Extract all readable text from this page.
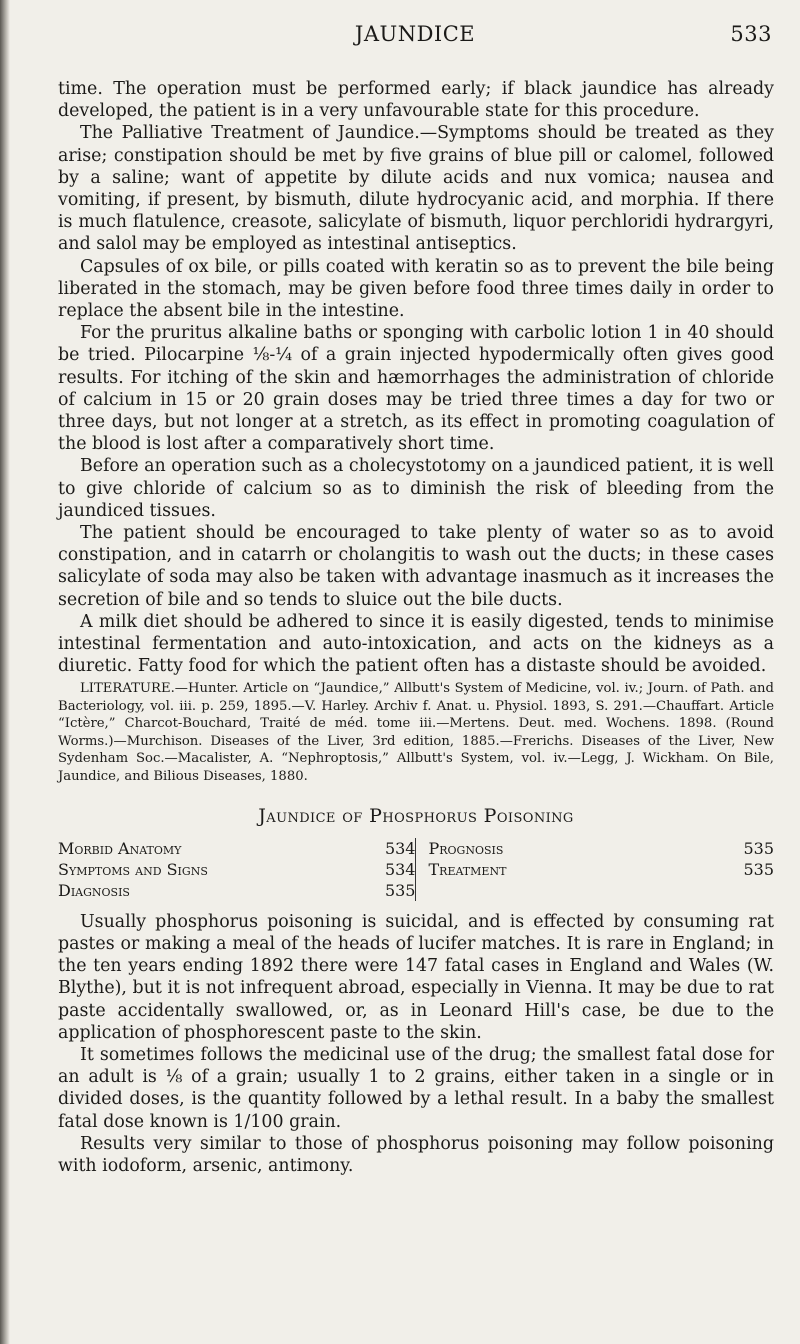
JAUNDICE	533

time. The operation must be performed early; if black jaundice has already developed, the patient is in a very unfavourable state for this procedure.

The Palliative Treatment of Jaundice.—Symptoms should be treated as they arise; constipation should be met by five grains of blue pill or calomel, followed by a saline; want of appetite by dilute acids and nux vomica; nausea and vomiting, if present, by bismuth, dilute hydrocyanic acid, and morphia. If there is much flatulence, creasote, salicylate of bismuth, liquor perchloridi hydrargyri, and salol may be employed as intestinal antiseptics.

Capsules of ox bile, or pills coated with keratin so as to prevent the bile being liberated in the stomach, may be given before food three times daily in order to replace the absent bile in the intestine.

For the pruritus alkaline baths or sponging with carbolic lotion 1 in 40 should be tried. Pilocarpine ⅛-¼ of a grain injected hypodermically often gives good results. For itching of the skin and hæmorrhages the administration of chloride of calcium in 15 or 20 grain doses may be tried three times a day for two or three days, but not longer at a stretch, as its effect in promoting coagulation of the blood is lost after a comparatively short time.

Before an operation such as a cholecystotomy on a jaundiced patient, it is well to give chloride of calcium so as to diminish the risk of bleeding from the jaundiced tissues.

The patient should be encouraged to take plenty of water so as to avoid constipation, and in catarrh or cholangitis to wash out the ducts; in these cases salicylate of soda may also be taken with advantage inasmuch as it increases the secretion of bile and so tends to sluice out the bile ducts.

A milk diet should be adhered to since it is easily digested, tends to minimise intestinal fermentation and auto-intoxication, and acts on the kidneys as a diuretic. Fatty food for which the patient often has a distaste should be avoided.

LITERATURE.—Hunter. Article on “Jaundice,” Allbutt's System of Medicine, vol. iv.; Journ. of Path. and Bacteriology, vol. iii. p. 259, 1895.—V. Harley. Archiv f. Anat. u. Physiol. 1893, S. 291.—Chauffart. Article “Ictère,” Charcot-Bouchard, Traité de méd. tome iii.—Mertens. Deut. med. Wochens. 1898. (Round Worms.)—Murchison. Diseases of the Liver, 3rd edition, 1885.—Frerichs. Diseases of the Liver, New Sydenham Soc.—Macalister, A. “Nephroptosis,” Allbutt's System, vol. iv.—Legg, J. Wickham. On Bile, Jaundice, and Bilious Diseases, 1880.

Jaundice of Phosphorus Poisoning
Morbid Anatomy	534
Symptoms and Signs	534
Diagnosis	535
Prognosis	535
Treatment	535

Usually phosphorus poisoning is suicidal, and is effected by consuming rat pastes or making a meal of the heads of lucifer matches. It is rare in England; in the ten years ending 1892 there were 147 fatal cases in England and Wales (W. Blythe), but it is not infrequent abroad, especially in Vienna. It may be due to rat paste accidentally swallowed, or, as in Leonard Hill's case, be due to the application of phosphorescent paste to the skin.

It sometimes follows the medicinal use of the drug; the smallest fatal dose for an adult is ⅛ of a grain; usually 1 to 2 grains, either taken in a single or in divided doses, is the quantity followed by a lethal result. In a baby the smallest fatal dose known is 1/100 grain.

Results very similar to those of phosphorus poisoning may follow poisoning with iodoform, arsenic, antimony.
